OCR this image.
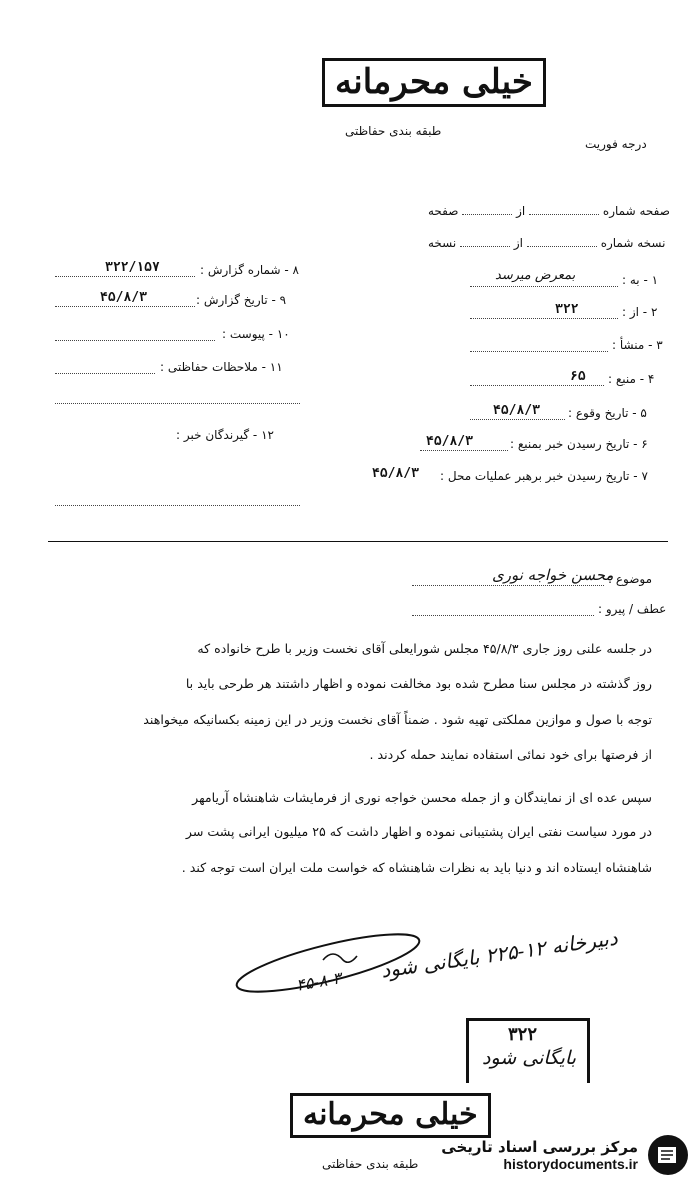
خیلی محرمانه
طبقه بندی حفاظتی
درجه فوریت
صفحه شماره  از  صفحه
نسخه شماره  از  نسخه
۸ - شماره گزارش :
۳۲۲/۱۵۷
۹ - تاریخ گزارش :
۴۵/۸/۳
۱۰ - پیوست :
۱۱ - ملاحظات حفاظتی :
۱۲ - گیرندگان خبر :
۱ - به :
بمعرض میرسد
۲ - از :
۳۲۲
۳ - منشأ :
۴ - منبع :
۶۵
۵ - تاریخ وقوع :
۴۵/۸/۳
۶ - تاریخ رسیدن خبر بمنبع :
۴۵/۸/۳
۷ - تاریخ رسیدن خبر برهبر عملیات محل :
۴۵/۸/۳
موضوع :
محسن خواجه نوری
عطف / پیرو :
در جلسه علنی روز جاری ۴۵/۸/۳ مجلس شورایعلی آقای نخست وزیر با طرح خانواده که
روز گذشته در مجلس سنا مطرح شده بود مخالفت نموده و اظهار داشتند هر طرحی باید با
توجه با صول و موازین مملکتی تهیه شود . ضمناً آقای نخست وزیر در این زمینه بکسانیکه میخواهند
از فرصتها برای خود نمائی استفاده نمایند حمله کردند .
سپس عده ای از نمایندگان و از جمله محسن خواجه نوری از فرمایشات شاهنشاه آریامهر
در مورد سیاست نفتی ایران پشتیبانی نموده و اظهار داشت که ۲۵ میلیون ایرانی پشت سر
شاهنشاه ایستاده اند و دنیا باید به نظرات شاهنشاه که خواست ملت ایران است توجه کند .
دبیرخانه ۱۲-۲۲۵ بایگانی شود
۴۵-۸-۳
۳۲۲
بایگانی شود
خیلی محرمانه
طبقه بندی حفاظتی
مرکز بررسی اسناد تاریخی
historydocuments.ir
